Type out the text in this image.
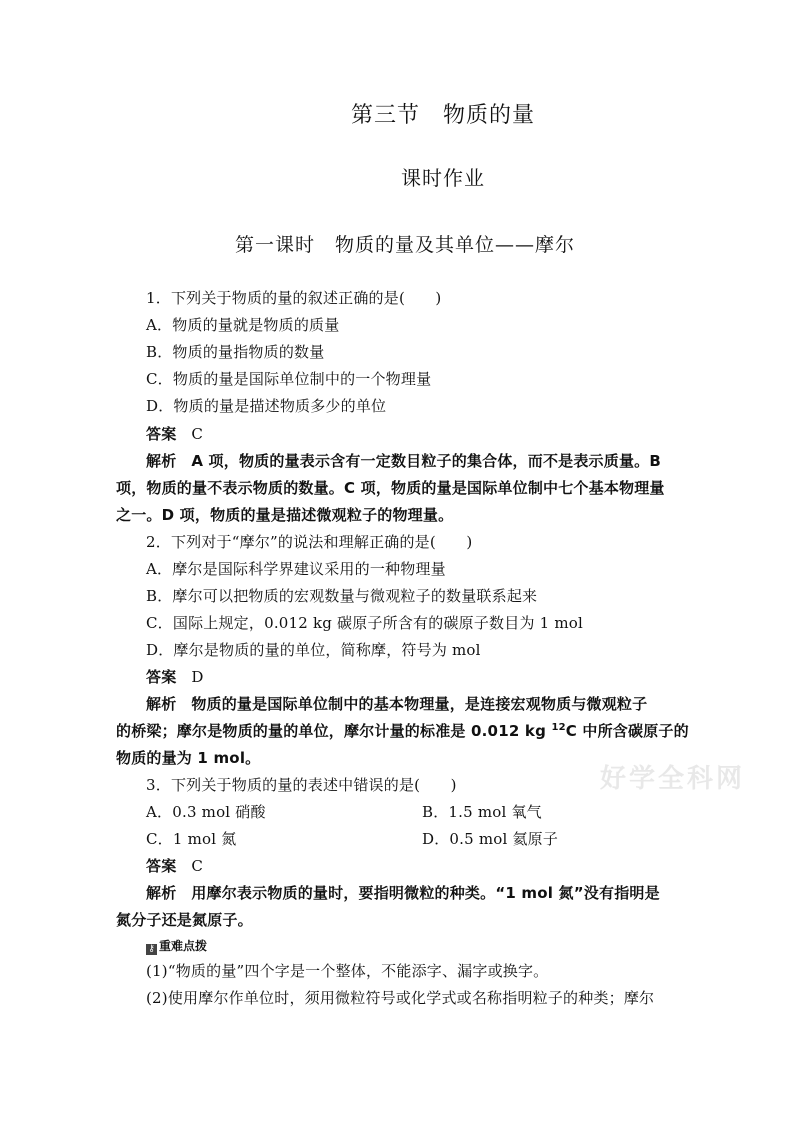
好学全科网
第三节　物质的量
课时作业
第一课时　物质的量及其单位——摩尔
1．下列关于物质的量的叙述正确的是(　　)
A．物质的量就是物质的质量
B．物质的量指物质的数量
C．物质的量是国际单位制中的一个物理量
D．物质的量是描述物质多少的单位
答案 C
解析 A 项，物质的量表示含有一定数目粒子的集合体，而不是表示质量。B
项，物质的量不表示物质的数量。C 项，物质的量是国际单位制中七个基本物理量
之一。D 项，物质的量是描述微观粒子的物理量。
2．下列对于“摩尔”的说法和理解正确的是(　　)
A．摩尔是国际科学界建议采用的一种物理量
B．摩尔可以把物质的宏观数量与微观粒子的数量联系起来
C．国际上规定，0.012 kg 碳原子所含有的碳原子数目为 1 mol
D．摩尔是物质的量的单位，简称摩，符号为 mol
答案 D
解析 物质的量是国际单位制中的基本物理量，是连接宏观物质与微观粒子
的桥梁；摩尔是物质的量的单位，摩尔计量的标准是 0.012 kg $^{12}$C 中所含碳原子的
物质的量为 1 mol。
3．下列关于物质的量的表述中错误的是(　　)
A．0.3 mol 硝酸	B．1.5 mol 氧气
C．1 mol 氮	D．0.5 mol 氦原子
答案 C
解析 用摩尔表示物质的量时，要指明微粒的种类。“1 mol 氮”没有指明是
氮分子还是氮原子。
⚷ 重难点拨
(1)“物质的量”四个字是一个整体，不能添字、漏字或换字。
(2)使用摩尔作单位时，须用微粒符号或化学式或名称指明粒子的种类；摩尔
